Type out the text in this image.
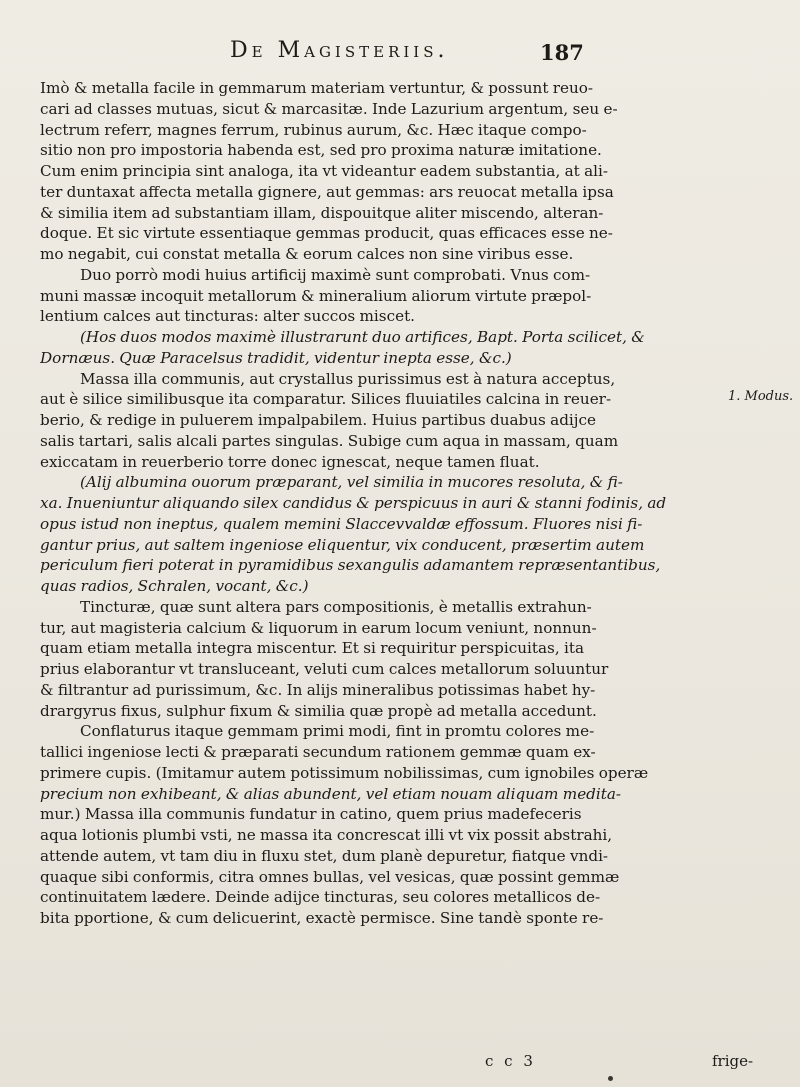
De Magisteriis.	187
Imò & metalla facile in gemmarum materiam vertuntur, & possunt reuo-
cari ad classes mutuas, sicut & marcasitæ. Inde Lazurium argentum, seu e-
lectrum referr, magnes ferrum, rubinus aurum, &c. Hæc itaque compo-
sitio non pro impostoria habenda est, sed pro proxima naturæ imitatione.
Cum enim principia sint analoga, ita vt videantur eadem substantia, at ali-
ter duntaxat affecta metalla gignere, aut gemmas: ars reuocat metalla ipsa
& similia item ad substantiam illam, dispouitque aliter miscendo, alteran-
doque. Et sic virtute essentiaque gemmas producit, quas efficaces esse ne-
mo negabit, cui constat metalla & eorum calces non sine viribus esse.
Duo porrò modi huius artificij maximè sunt comprobati. Vnus com-
muni massæ incoquit metallorum & mineralium aliorum virtute præpol-
lentium calces aut tincturas: alter succos miscet.
(Hos duos modos maximè illustrarunt duo artifices, Bapt. Porta scilicet, &
Dornæus. Quæ Paracelsus tradidit, videntur inepta esse, &c.)
Massa illa communis, aut crystallus purissimus est à natura acceptus,
aut è silice similibusque ita comparatur. Silices fluuiatiles calcina in reuer-
berio, & redige in puluerem impalpabilem. Huius partibus duabus adijce
salis tartari, salis alcali partes singulas. Subige cum aqua in massam, quam
exiccatam in reuerberio torre donec ignescat, neque tamen fluat.
(Alij albumina ouorum præparant, vel similia in mucores resoluta, & fi-
xa. Inueniuntur aliquando silex candidus & perspicuus in auri & stanni fodinis, ad
opus istud non ineptus, qualem memini Slaccevvaldæ effossum. Fluores nisi fi-
gantur prius, aut saltem ingeniose eliquentur, vix conducent, præsertim autem
periculum fieri poterat in pyramidibus sexangulis adamantem repræsentantibus,
quas radios, Schralen, vocant, &c.)
Tincturæ, quæ sunt altera pars compositionis, è metallis extrahun-
tur, aut magisteria calcium & liquorum in earum locum veniunt, nonnun-
quam etiam metalla integra miscentur. Et si requiritur perspicuitas, ita
prius elaborantur vt transluceant, veluti cum calces metallorum soluuntur
& filtrantur ad purissimum, &c. In alijs mineralibus potissimas habet hy-
drargyrus fixus, sulphur fixum & similia quæ propè ad metalla accedunt.
Conflaturus itaque gemmam primi modi, fint in promtu colores me-
tallici ingeniose lecti & præparati secundum rationem gemmæ quam ex-
primere cupis. (Imitamur autem potissimum nobilissimas, cum ignobiles operæ
precium non exhibeant, & alias abundent, vel etiam nouam aliquam medita-
mur.) Massa illa communis fundatur in catino, quem prius madefeceris
aqua lotionis plumbi vsti, ne massa ita concrescat illi vt vix possit abstrahi,
attende autem, vt tam diu in fluxu stet, dum planè depuretur, fiatque vndi-
quaque sibi conformis, citra omnes bullas, vel vesicas, quæ possint gemmæ
continuitatem lædere. Deinde adijce tincturas, seu colores metallicos de-
bita pportione, & cum delicuerint, exactè permisce. Sine tandè sponte re-
1. Modus.
c c 3	frige-
